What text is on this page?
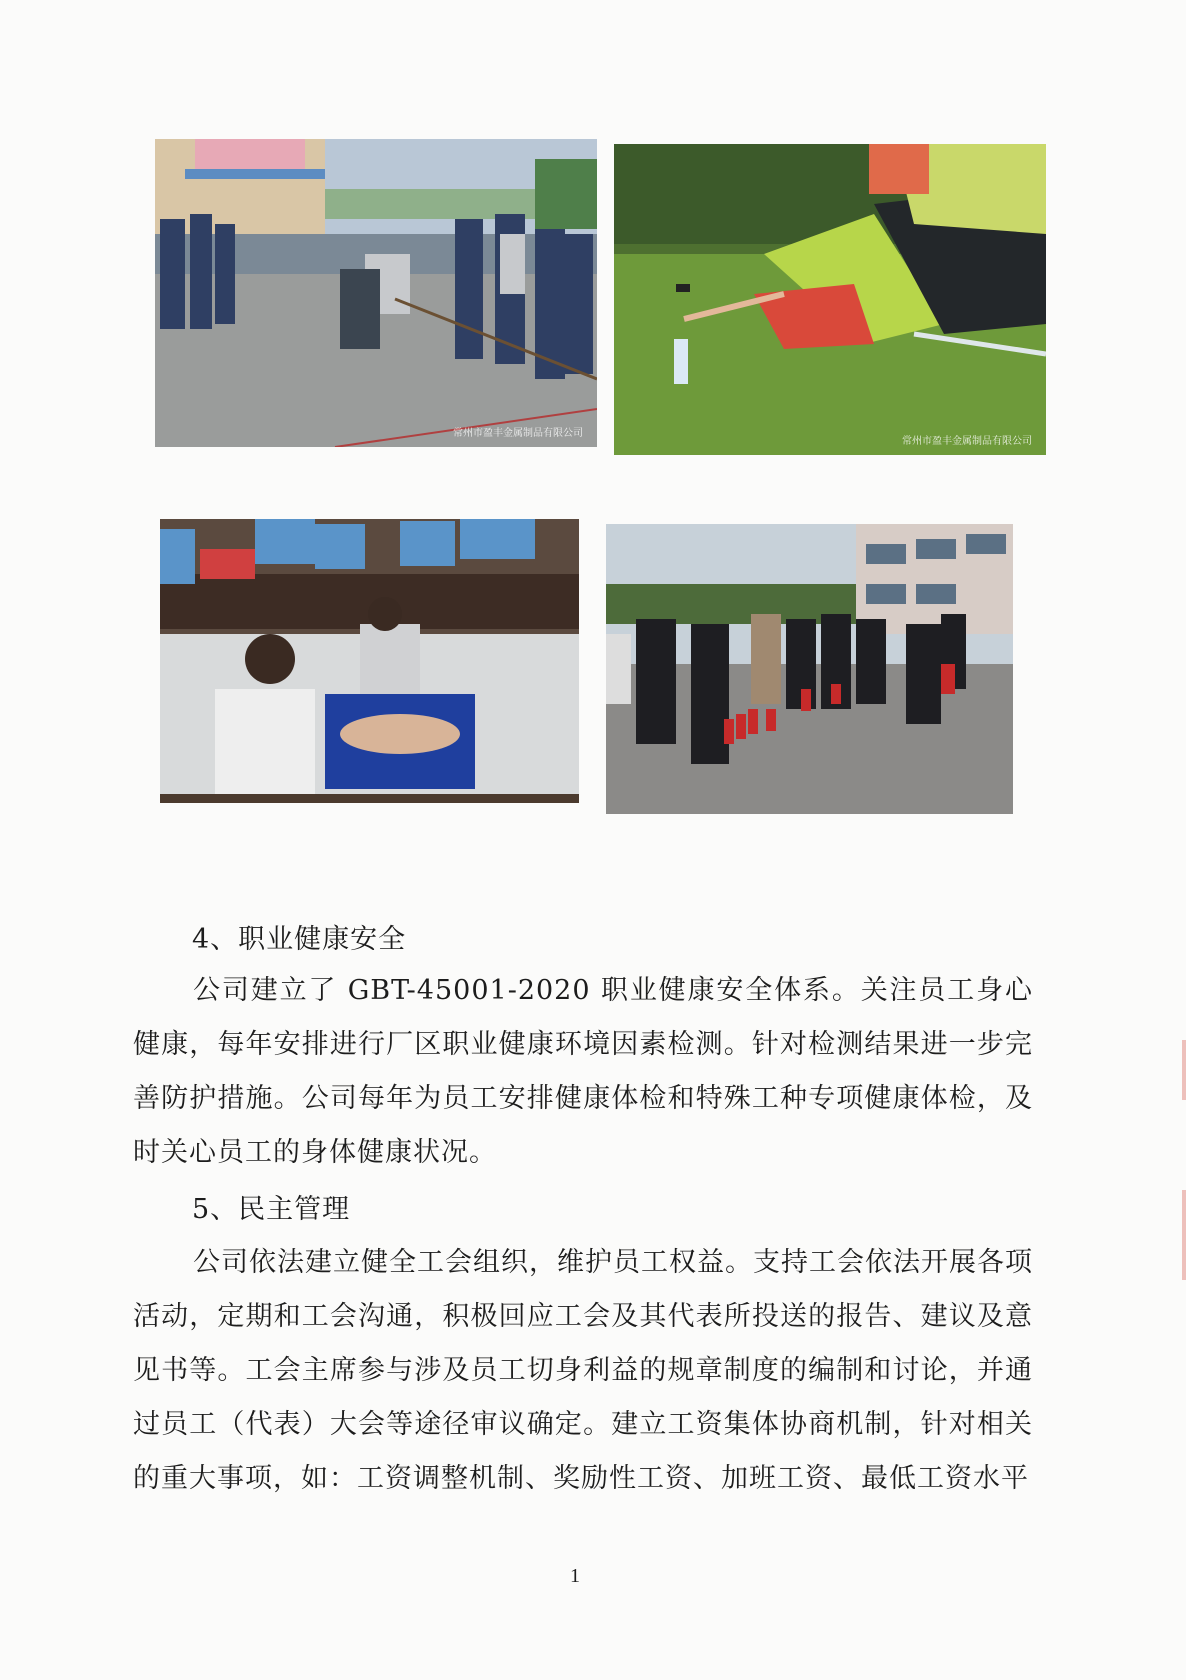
常州市盈丰金属制品有限公司
常州市盈丰金属制品有限公司
4、职业健康安全

公司建立了 GBT-45001-2020 职业健康安全体系。关注员工身心健康，每年安排进行厂区职业健康环境因素检测。针对检测结果进一步完善防护措施。公司每年为员工安排健康体检和特殊工种专项健康体检，及时关心员工的身体健康状况。

5、民主管理

公司依法建立健全工会组织，维护员工权益。支持工会依法开展各项活动，定期和工会沟通，积极回应工会及其代表所投送的报告、建议及意见书等。工会主席参与涉及员工切身利益的规章制度的编制和讨论，并通过员工（代表）大会等途径审议确定。建立工资集体协商机制，针对相关的重大事项，如：工资调整机制、奖励性工资、加班工资、最低工资水平

1
